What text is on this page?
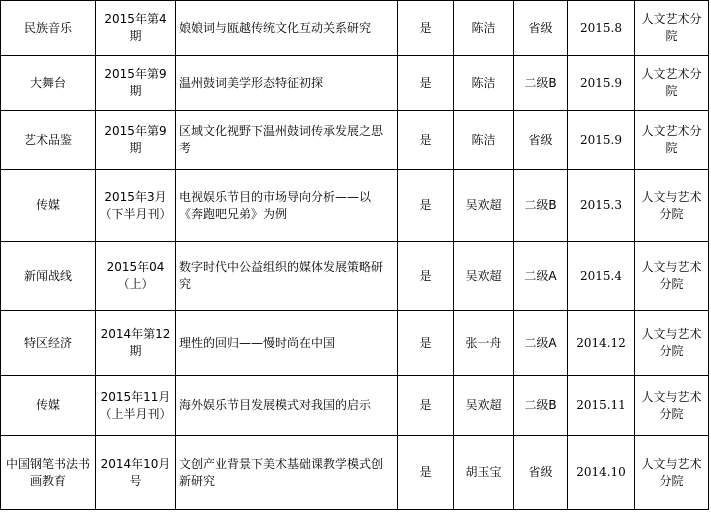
民族音乐	2015年第4期	娘娘词与瓯越传统文化互动关系研究	是	陈洁	省级	2015.8	人文艺术分院
大舞台	2015年第9期	温州鼓词美学形态特征初探	是	陈洁	二级B	2015.9	人文艺术分院
艺术品鉴	2015年第9期	区域文化视野下温州鼓词传承发展之思考	是	陈洁	省级	2015.9	人文艺术分院
传媒	2015年3月（下半月刊）	电视娱乐节目的市场导向分析——以《奔跑吧兄弟》为例	是	吴欢超	二级B	2015.3	人文与艺术分院
新闻战线	2015年04（上）	数字时代中公益组织的媒体发展策略研究	是	吴欢超	二级A	2015.4	人文与艺术分院
特区经济	2014年第12期	理性的回归——慢时尚在中国	是	张一舟	二级A	2014.12	人文与艺术分院
传媒	2015年11月（上半月刊）	海外娱乐节目发展模式对我国的启示	是	吴欢超	二级B	2015.11	人文与艺术分院
中国钢笔书法书画教育	2014年10月号	文创产业背景下美术基础课教学模式创新研究	是	胡玉宝	省级	2014.10	人文与艺术分院
